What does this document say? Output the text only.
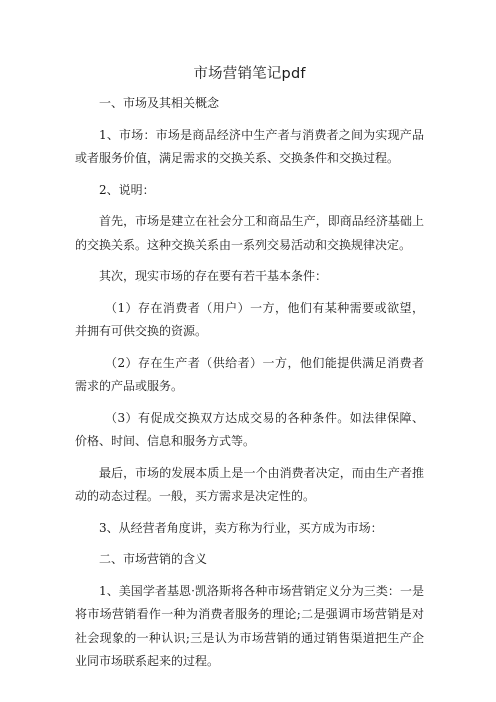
市场营销笔记pdf

一、市场及其相关概念

1、市场：市场是商品经济中生产者与消费者之间为实现产品或者服务价值，满足需求的交换关系、交换条件和交换过程。

2、说明：

首先，市场是建立在社会分工和商品生产，即商品经济基础上的交换关系。这种交换关系由一系列交易活动和交换规律决定。

其次，现实市场的存在要有若干基本条件：

（1）存在消费者（用户）一方，他们有某种需要或欲望，并拥有可供交换的资源。

（2）存在生产者（供给者）一方，他们能提供满足消费者需求的产品或服务。

（3）有促成交换双方达成交易的各种条件。如法律保障、价格、时间、信息和服务方式等。

最后，市场的发展本质上是一个由消费者决定，而由生产者推动的动态过程。一般，买方需求是决定性的。

3、从经营者角度讲，卖方称为行业，买方成为市场：

二、市场营销的含义

1、美国学者基恩·凯洛斯将各种市场营销定义分为三类：一是将市场营销看作一种为消费者服务的理论;二是强调市场营销是对社会现象的一种认识;三是认为市场营销的通过销售渠道把生产企业同市场联系起来的过程。
